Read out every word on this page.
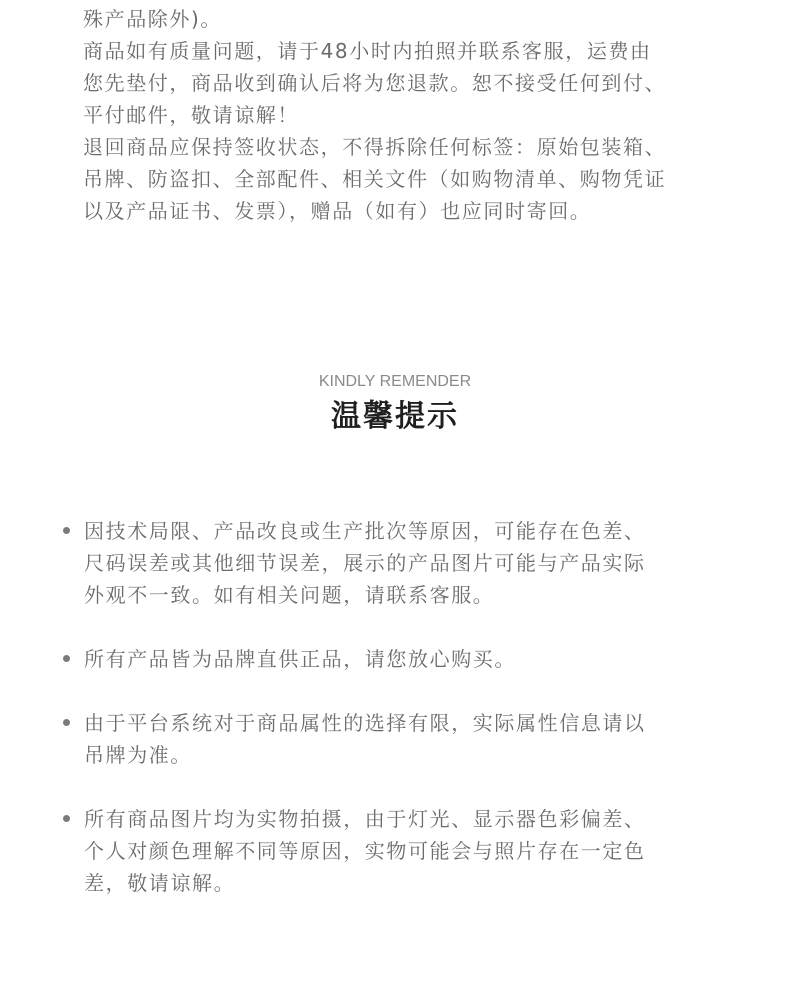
殊产品除外)。
商品如有质量问题，请于48小时内拍照并联系客服，运费由
您先垫付，商品收到确认后将为您退款。恕不接受任何到付、
平付邮件，敬请谅解！
退回商品应保持签收状态，不得拆除任何标签：原始包装箱、
吊牌、防盗扣、全部配件、相关文件（如购物清单、购物凭证
以及产品证书、发票），赠品（如有）也应同时寄回。
KINDLY REMENDER
温馨提示
因技术局限、产品改良或生产批次等原因，可能存在色差、
尺码误差或其他细节误差，展示的产品图片可能与产品实际
外观不一致。如有相关问题，请联系客服。
所有产品皆为品牌直供正品，请您放心购买。
由于平台系统对于商品属性的选择有限，实际属性信息请以
吊牌为准。
所有商品图片均为实物拍摄，由于灯光、显示器色彩偏差、
个人对颜色理解不同等原因，实物可能会与照片存在一定色
差，敬请谅解。
